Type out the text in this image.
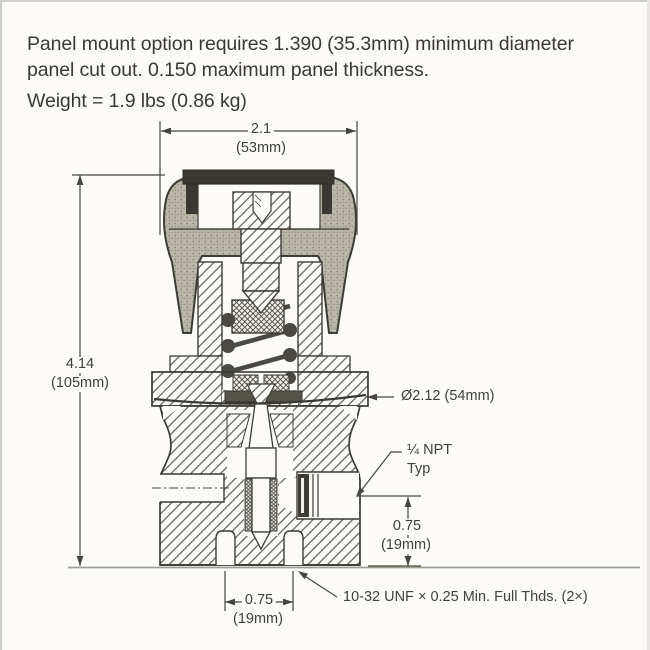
Panel mount option requires 1.390 (35.3mm) minimum diameter
panel cut out. 0.150 maximum panel thickness.
Weight = 1.9 lbs (0.86 kg)
2.1
(53mm)
4.14
(105mm)
Ø2.12 (54mm)
¼ NPT
Typ
0.75
(19mm)
0.75
(19mm)
10-32 UNF × 0.25 Min. Full Thds. (2×)
